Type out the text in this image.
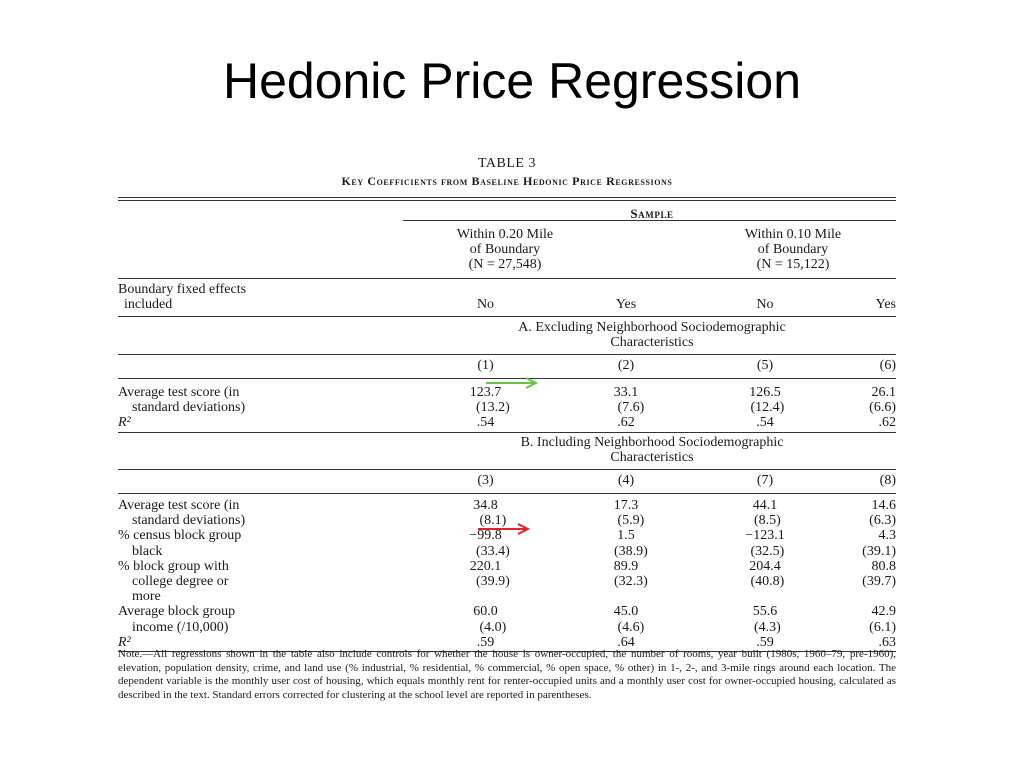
Hedonic Price Regression
TABLE 3
Key Coefficients from Baseline Hedonic Price Regressions
Sample
Within 0.20 Mile
of Boundary
(N = 27,548)
Within 0.10 Mile
of Boundary
(N = 15,122)
Boundary fixed effects
included	No	Yes	No	Yes
A. Excluding Neighborhood Sociodemographic
Characteristics
(1)	(2)	(5)	(6)
Average test score (in	123.7	33.1	126.5	26.1
standard deviations)	(13.2)	(7.6)	(12.4)	(6.6)
R²	.54	.62	.54	.62
B. Including Neighborhood Sociodemographic
Characteristics
(3)	(4)	(7)	(8)
Average test score (in	34.8	17.3	44.1	14.6
standard deviations)	(8.1)	(5.9)	(8.5)	(6.3)
% census block group	−99.8	1.5	−123.1	4.3
black	(33.4)	(38.9)	(32.5)	(39.1)
% block group with	220.1	89.9	204.4	80.8
college degree or	(39.9)	(32.3)	(40.8)	(39.7)
more
Average block group	60.0	45.0	55.6	42.9
income (/10,000)	(4.0)	(4.6)	(4.3)	(6.1)
R²	.59	.64	.59	.63
Note.—All regressions shown in the table also include controls for whether the house is owner-occupied, the number of rooms, year built (1980s, 1960–79, pre-1960), elevation, population density, crime, and land use (% industrial, % residential, % commercial, % open space, % other) in 1-, 2-, and 3-mile rings around each location. The dependent variable is the monthly user cost of housing, which equals monthly rent for renter-occupied units and a monthly user cost for owner-occupied housing, calculated as described in the text. Standard errors corrected for clustering at the school level are reported in parentheses.
